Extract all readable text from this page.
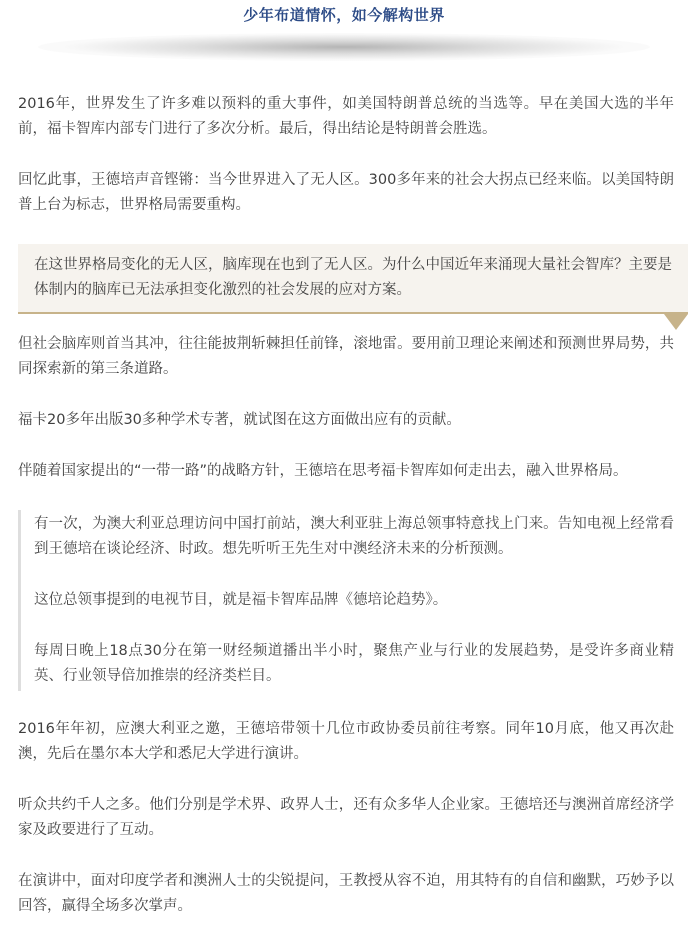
少年布道情怀，如今解构世界

2016年，世界发生了许多难以预料的重大事件，如美国特朗普总统的当选等。早在美国大选的半年前，福卡智库内部专门进行了多次分析。最后，得出结论是特朗普会胜选。

回忆此事，王德培声音铿锵：当今世界进入了无人区。300多年来的社会大拐点已经来临。以美国特朗普上台为标志，世界格局需要重构。

在这世界格局变化的无人区，脑库现在也到了无人区。为什么中国近年来涌现大量社会智库？主要是体制内的脑库已无法承担变化激烈的社会发展的应对方案。

但社会脑库则首当其冲，往往能披荆斩棘担任前锋，滚地雷。要用前卫理论来阐述和预测世界局势，共同探索新的第三条道路。

福卡20多年出版30多种学术专著，就试图在这方面做出应有的贡献。

伴随着国家提出的“一带一路”的战略方针，王德培在思考福卡智库如何走出去，融入世界格局。

有一次，为澳大利亚总理访问中国打前站，澳大利亚驻上海总领事特意找上门来。告知电视上经常看到王德培在谈论经济、时政。想先听听王先生对中澳经济未来的分析预测。

这位总领事提到的电视节目，就是福卡智库品牌《德培论趋势》。

每周日晚上18点30分在第一财经频道播出半小时，聚焦产业与行业的发展趋势，是受许多商业精英、行业领导倍加推崇的经济类栏目。

2016年年初，应澳大利亚之邀，王德培带领十几位市政协委员前往考察。同年10月底，他又再次赴澳，先后在墨尔本大学和悉尼大学进行演讲。

听众共约千人之多。他们分别是学术界、政界人士，还有众多华人企业家。王德培还与澳洲首席经济学家及政要进行了互动。

在演讲中，面对印度学者和澳洲人士的尖锐提问，王教授从容不迫，用其特有的自信和幽默，巧妙予以回答，赢得全场多次掌声。
